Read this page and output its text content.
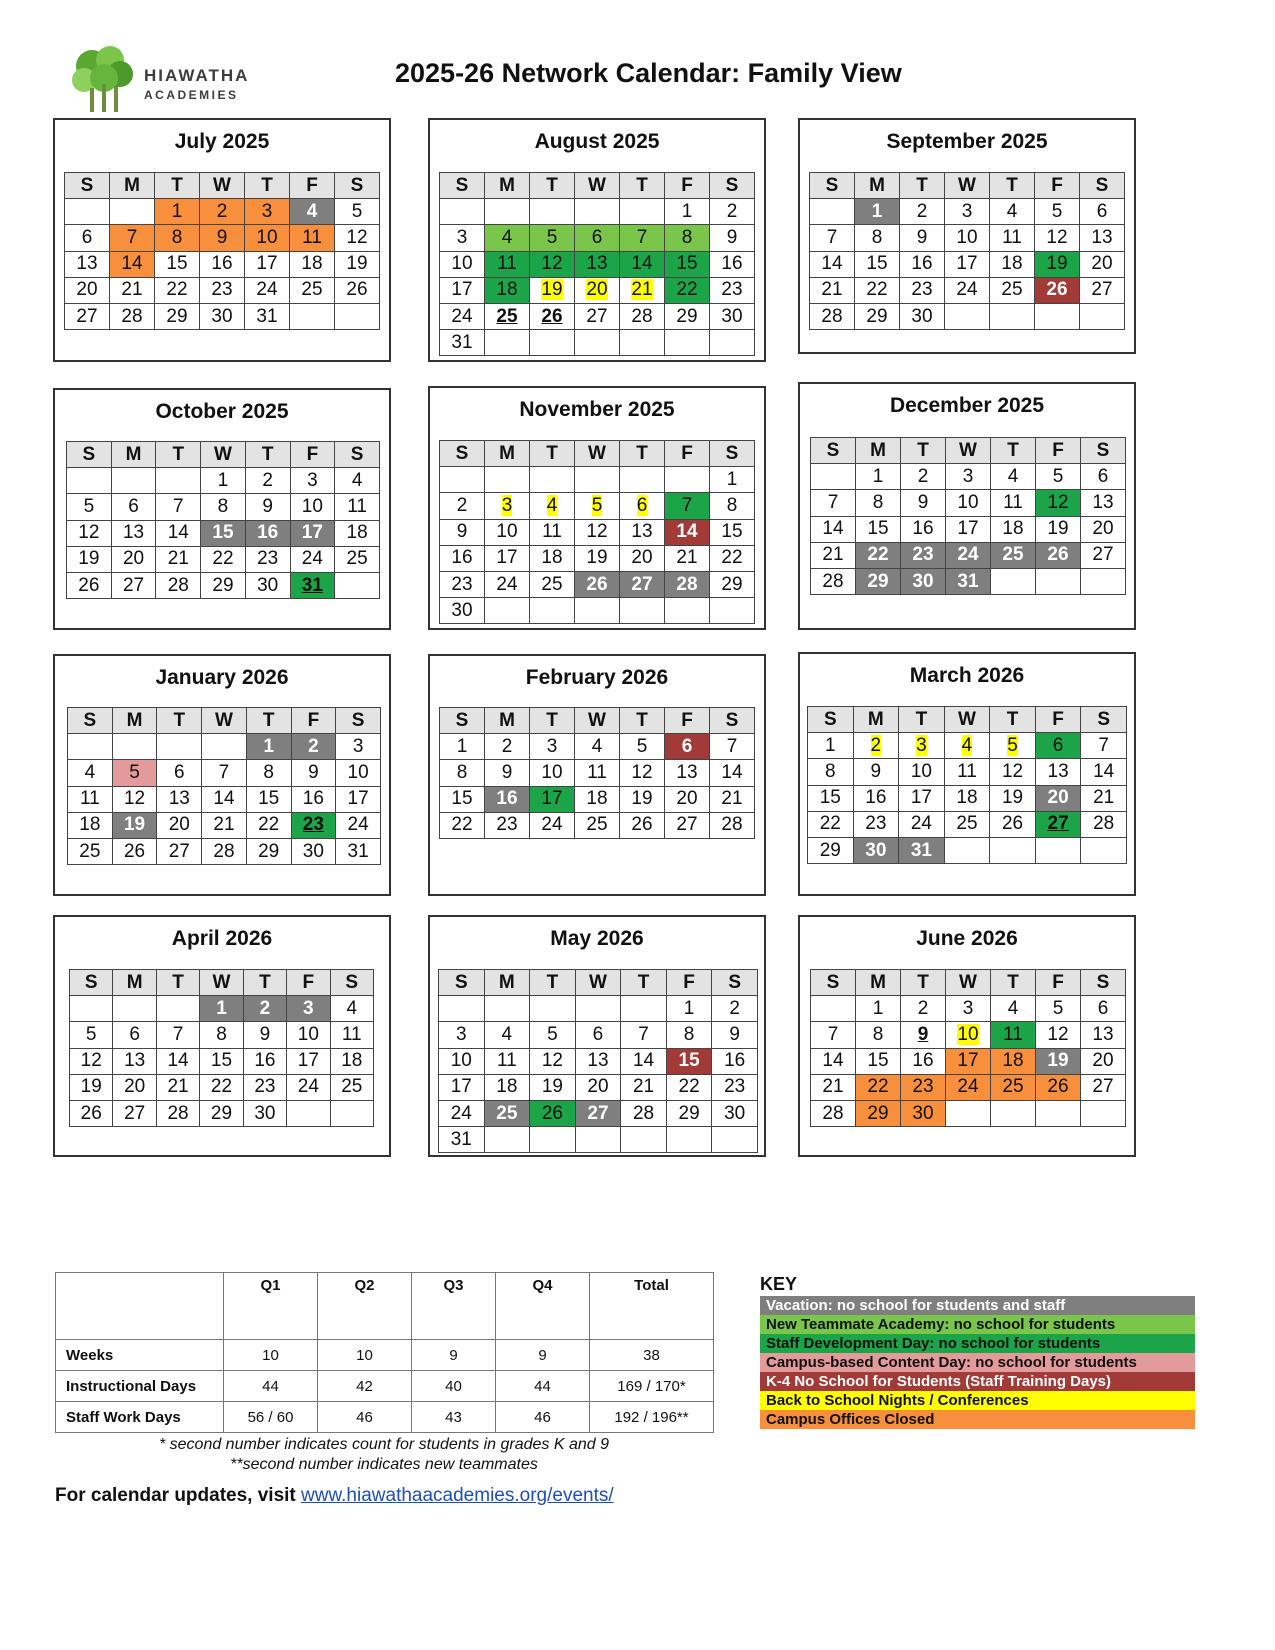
HIAWATHA
ACADEMIES
2025-26 Network Calendar: Family View
July 2025
S	M	T	W	T	F	S
		1	2	3	4	5
6	7	8	9	10	11	12
13	14	15	16	17	18	19
20	21	22	23	24	25	26
27	28	29	30	31		
August 2025
S	M	T	W	T	F	S
					1	2
3	4	5	6	7	8	9
10	11	12	13	14	15	16
17	18	19	20	21	22	23
24	25	26	27	28	29	30
31						
September 2025
S	M	T	W	T	F	S
	1	2	3	4	5	6
7	8	9	10	11	12	13
14	15	16	17	18	19	20
21	22	23	24	25	26	27
28	29	30				
October 2025
S	M	T	W	T	F	S
			1	2	3	4
5	6	7	8	9	10	11
12	13	14	15	16	17	18
19	20	21	22	23	24	25
26	27	28	29	30	31	
November 2025
S	M	T	W	T	F	S
						1
2	3	4	5	6	7	8
9	10	11	12	13	14	15
16	17	18	19	20	21	22
23	24	25	26	27	28	29
30						
December 2025
S	M	T	W	T	F	S
	1	2	3	4	5	6
7	8	9	10	11	12	13
14	15	16	17	18	19	20
21	22	23	24	25	26	27
28	29	30	31			
January 2026
S	M	T	W	T	F	S
				1	2	3
4	5	6	7	8	9	10
11	12	13	14	15	16	17
18	19	20	21	22	23	24
25	26	27	28	29	30	31
February 2026
S	M	T	W	T	F	S
1	2	3	4	5	6	7
8	9	10	11	12	13	14
15	16	17	18	19	20	21
22	23	24	25	26	27	28
March 2026
S	M	T	W	T	F	S
1	2	3	4	5	6	7
8	9	10	11	12	13	14
15	16	17	18	19	20	21
22	23	24	25	26	27	28
29	30	31				
April 2026
S	M	T	W	T	F	S
			1	2	3	4
5	6	7	8	9	10	11
12	13	14	15	16	17	18
19	20	21	22	23	24	25
26	27	28	29	30		
May 2026
S	M	T	W	T	F	S
					1	2
3	4	5	6	7	8	9
10	11	12	13	14	15	16
17	18	19	20	21	22	23
24	25	26	27	28	29	30
31						
June 2026
S	M	T	W	T	F	S
	1	2	3	4	5	6
7	8	9	10	11	12	13
14	15	16	17	18	19	20
21	22	23	24	25	26	27
28	29	30				
	Q1	Q2	Q3	Q4	Total
Weeks	10	10	9	9	38
Instructional Days	44	42	40	44	169 / 170*
Staff Work Days	56 / 60	46	43	46	192 / 196**
* second number indicates count for students in grades K and 9
**second number indicates new teammates
For calendar updates, visit www.hiawathaacademies.org/events/
KEY
Vacation: no school for students and staff
New Teammate Academy: no school for students
Staff Development Day: no school for students
Campus-based Content Day: no school for students
K-4 No School for Students (Staff Training Days)
Back to School Nights / Conferences
Campus Offices Closed
